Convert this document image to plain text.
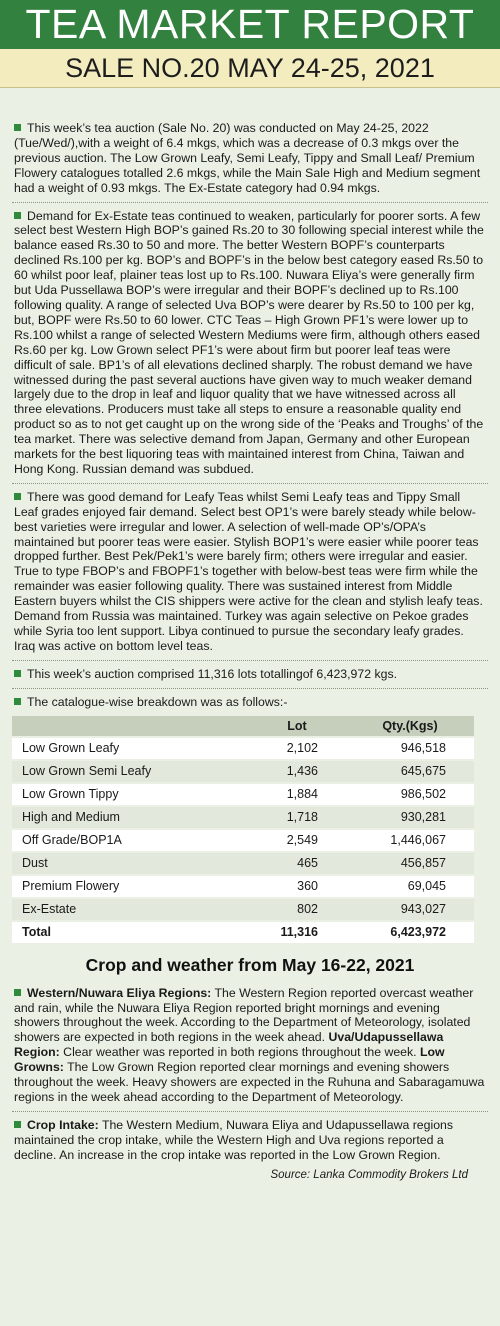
TEA MARKET REPORT
SALE NO.20 MAY 24-25, 2021

This week’s tea auction (Sale No. 20) was conducted on May 24-25, 2022 (Tue/Wed/),with a weight of 6.4 mkgs, which was a decrease of 0.3 mkgs over the previous auction. The Low Grown Leafy, Semi Leafy, Tippy and Small Leaf/ Premium Flowery catalogues totalled 2.6 mkgs, while the Main Sale High and Medium segment had a weight of 0.93 mkgs. The Ex-Estate category had 0.94 mkgs.

Demand for Ex-Estate teas continued to weaken, particularly for poorer sorts. A few select best Western High BOP’s gained Rs.20 to 30 following special interest while the balance eased Rs.30 to 50 and more. The better Western BOPF’s counterparts declined Rs.100 per kg. BOP’s and BOPF’s in the below best category eased Rs.50 to 60 whilst poor leaf, plainer teas lost up to Rs.100. Nuwara Eliya’s were generally firm but Uda Pussellawa BOP’s were irregular and their BOPF’s declined up to Rs.100 following quality. A range of selected Uva BOP’s were dearer by Rs.50 to 100 per kg, but, BOPF were Rs.50 to 60 lower. CTC Teas – High Grown PF1’s were lower up to Rs.100 whilst a range of selected Western Mediums were firm, although others eased Rs.60 per kg. Low Grown select PF1’s were about firm but poorer leaf teas were difficult of sale. BP1’s of all elevations declined sharply. The robust demand we have witnessed during the past several auctions have given way to much weaker demand largely due to the drop in leaf and liquor quality that we have witnessed across all three elevations. Producers must take all steps to ensure a reasonable quality end product so as to not get caught up on the wrong side of the ‘Peaks and Troughs’ of the tea market. There was selective demand from Japan, Germany and other European markets for the best liquoring teas with maintained interest from China, Taiwan and Hong Kong. Russian demand was subdued.

There was good demand for Leafy Teas whilst Semi Leafy teas and Tippy Small Leaf grades enjoyed fair demand. Select best OP1’s were barely steady while below-best varieties were irregular and lower. A selection of well-made OP’s/OPA’s maintained but poorer teas were easier. Stylish BOP1’s were easier while poorer teas dropped further. Best Pek/Pek1’s were barely firm; others were irregular and easier. True to type FBOP’s and FBOPF1’s together with below-best teas were firm while the remainder was easier following quality. There was sustained interest from Middle Eastern buyers whilst the CIS shippers were active for the clean and stylish leafy teas. Demand from Russia was maintained. Turkey was again selective on Pekoe grades while Syria too lent support. Libya continued to pursue the secondary leafy grades. Iraq was active on bottom level teas.

This week’s auction comprised 11,316 lots totallingof 6,423,972 kgs.

The catalogue-wise breakdown was as follows:-

	Lot	Qty.(Kgs)
Low Grown Leafy	2,102	946,518
Low Grown Semi Leafy	1,436	645,675
Low Grown Tippy	1,884	986,502
High and Medium	1,718	930,281
Off Grade/BOP1A	2,549	1,446,067
Dust	465	456,857
Premium Flowery	360	69,045
Ex-Estate	802	943,027
Total	11,316	6,423,972
Crop and weather from May 16-22, 2021

Western/Nuwara Eliya Regions: The Western Region reported overcast weather and rain, while the Nuwara Eliya Region reported bright mornings and evening showers throughout the week. According to the Department of Meteorology, isolated showers are expected in both regions in the week ahead. Uva/Udapussellawa Region: Clear weather was reported in both regions throughout the week. Low Growns: The Low Grown Region reported clear mornings and evening showers throughout the week. Heavy showers are expected in the Ruhuna and Sabaragamuwa regions in the week ahead according to the Department of Meteorology.

Crop Intake: The Western Medium, Nuwara Eliya and Udapussellawa regions maintained the crop intake, while the Western High and Uva regions reported a decline. An increase in the crop intake was reported in the Low Grown Region.

Source: Lanka Commodity Brokers Ltd
